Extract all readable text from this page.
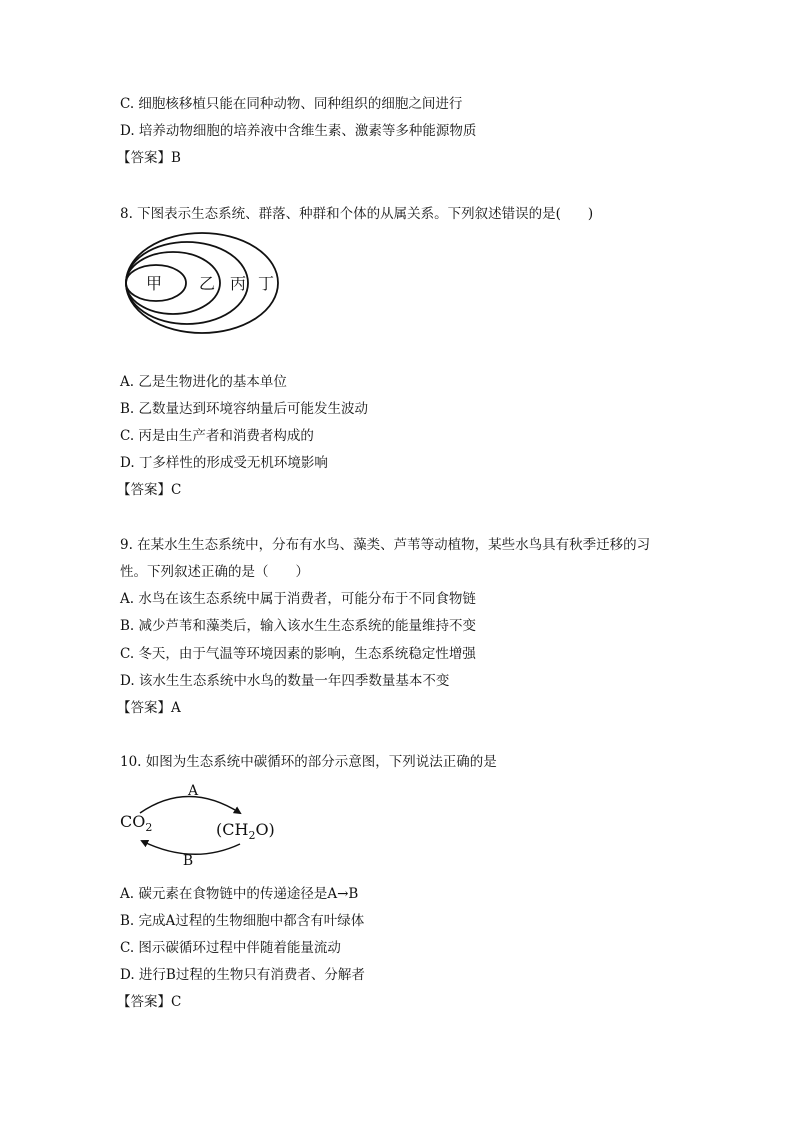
C. 细胞核移植只能在同种动物、同种组织的细胞之间进行
D. 培养动物细胞的培养液中含维生素、激素等多种能源物质
【答案】B
8. 下图表示生态系统、群落、种群和个体的从属关系。下列叙述错误的是(　　)
甲 乙 丙 丁
A. 乙是生物进化的基本单位
B. 乙数量达到环境容纳量后可能发生波动
C. 丙是由生产者和消费者构成的
D. 丁多样性的形成受无机环境影响
【答案】C
9. 在某水生生态系统中，分布有水鸟、藻类、芦苇等动植物，某些水鸟具有秋季迁移的习
性。下列叙述正确的是（　　）
A. 水鸟在该生态系统中属于消费者，可能分布于不同食物链
B. 减少芦苇和藻类后，输入该水生生态系统的能量维持不变
C. 冬天，由于气温等环境因素的影响，生态系统稳定性增强
D. 该水生生态系统中水鸟的数量一年四季数量基本不变
【答案】A
10. 如图为生态系统中碳循环的部分示意图，下列说法正确的是
A
$CO_2$	$(CH_2O)$
B
A. 碳元素在食物链中的传递途径是A→B
B. 完成A过程的生物细胞中都含有叶绿体
C. 图示碳循环过程中伴随着能量流动
D. 进行B过程的生物只有消费者、分解者
【答案】C
